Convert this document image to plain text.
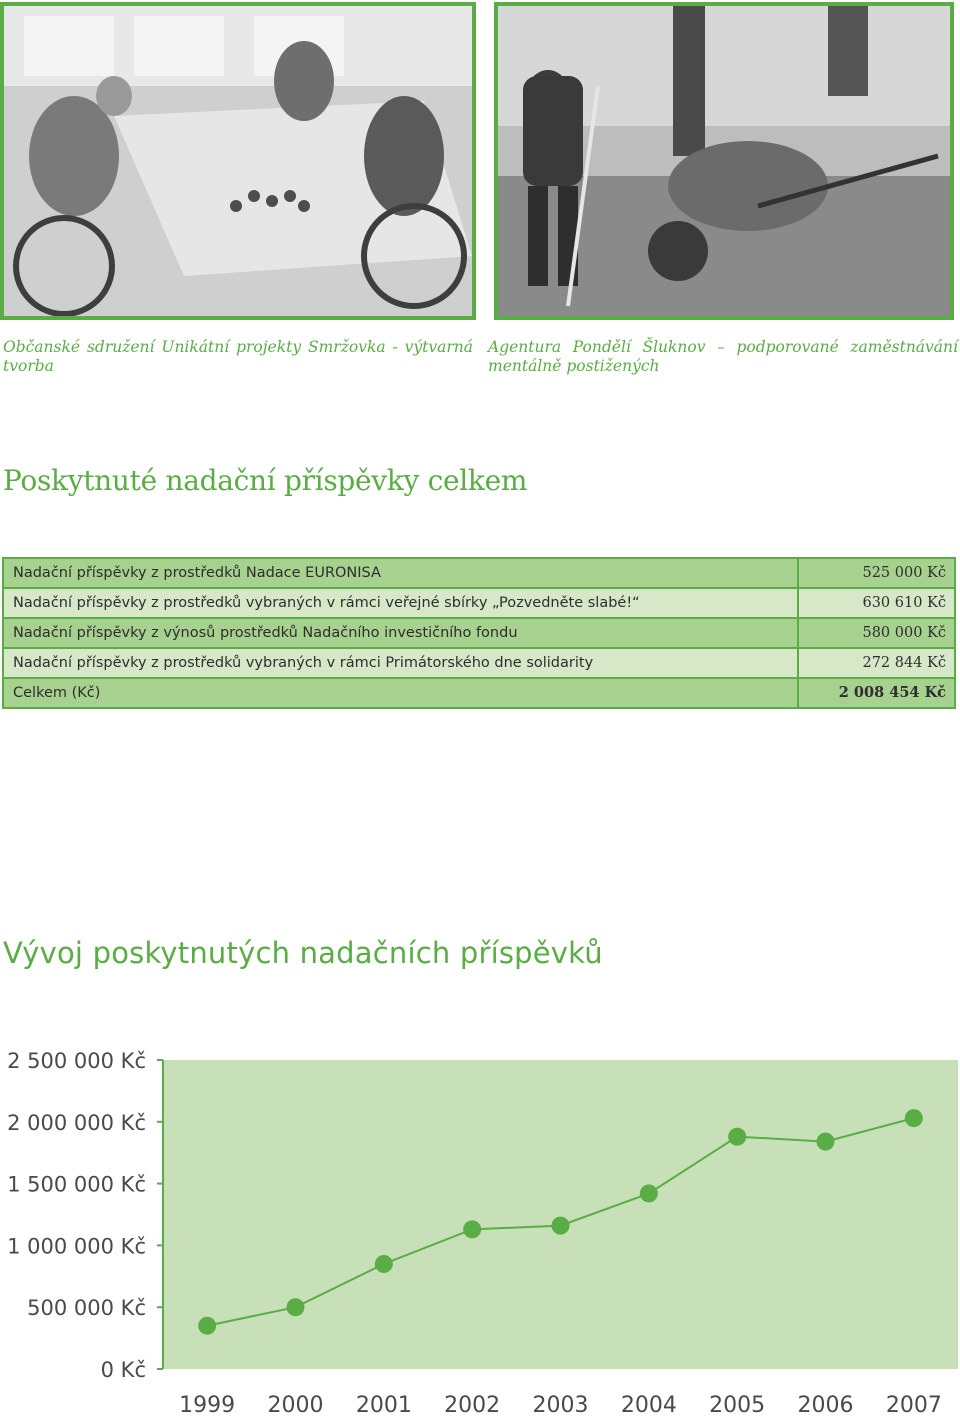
Občanské sdružení Unikátní projekty Smržovka - výtvarná tvorba
Agentura Pondělí Šluknov – podporované zaměstnávání mentálně postižených
Poskytnuté nadační příspěvky celkem
Nadační příspěvky z prostředků Nadace EURONISA	525 000 Kč
Nadační příspěvky z prostředků vybraných v rámci veřejné sbírky „Pozvedněte slabé!“	630 610 Kč
Nadační příspěvky z výnosů prostředků Nadačního investičního fondu	580 000 Kč
Nadační příspěvky z prostředků vybraných v rámci Primátorského dne solidarity	272 844 Kč
Celkem (Kč)	2 008 454 Kč
Vývoj poskytnutých nadačních příspěvků
0 Kč
500 000 Kč
1 000 000 Kč
1 500 000 Kč
2 000 000 Kč
2 500 000 Kč
1999 2000 2001 2002 2003 2004 2005 2006 2007
